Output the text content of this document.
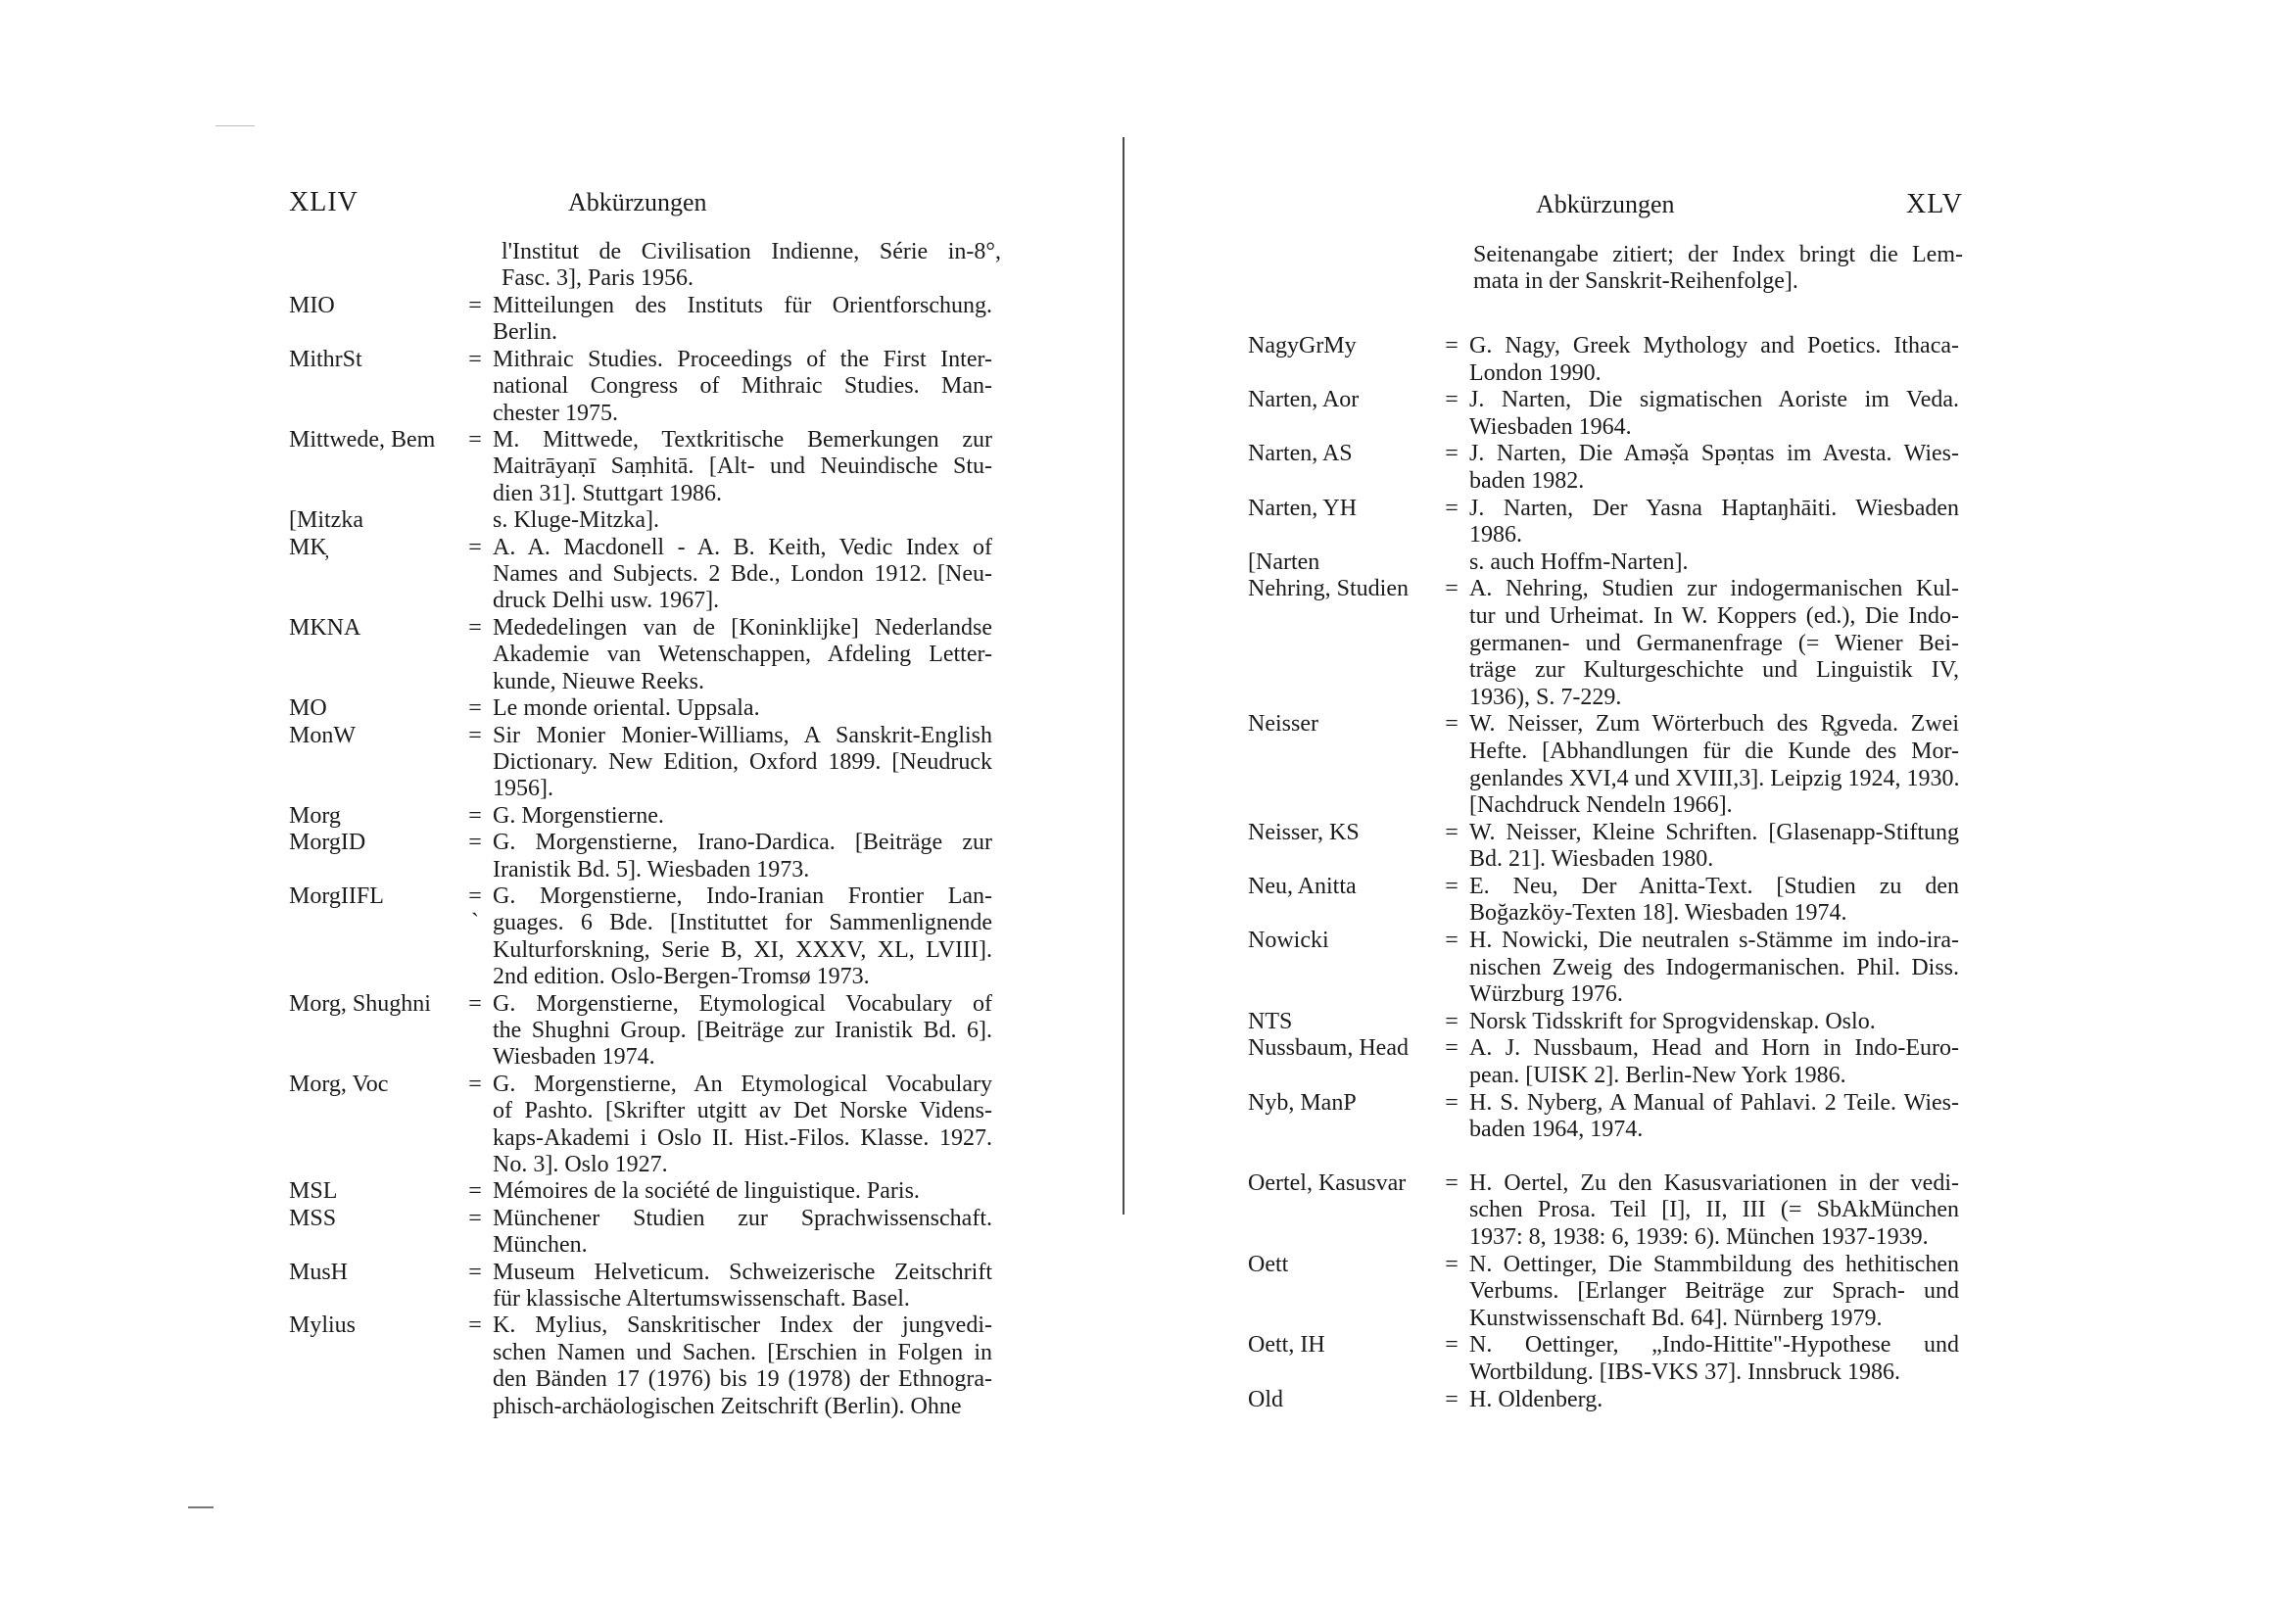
XLIV	Abkürzungen
l'Institut de Civilisation Indienne, Série in-8°,
Fasc. 3], Paris 1956.
MIO	= Mitteilungen des Instituts für Orientforschung.
Berlin.
MithrSt	= Mithraic Studies. Proceedings of the First Inter-
national Congress of Mithraic Studies. Man-
chester 1975.
Mittwede, Bem	= M. Mittwede, Textkritische Bemerkungen zur
Maitrāyaṇī Saṃhitā. [Alt- und Neuindische Stu-
dien 31]. Stuttgart 1986.
[Mitzka	s. Kluge-Mitzka].
MK̦	= A. A. Macdonell - A. B. Keith, Vedic Index of
Names and Subjects. 2 Bde., London 1912. [Neu-
druck Delhi usw. 1967].
MKNA	= Mededelingen van de [Koninklijke] Nederlandse
Akademie van Wetenschappen, Afdeling Letter-
kunde, Nieuwe Reeks.
MO	= Le monde oriental. Uppsala.
MonW	= Sir Monier Monier-Williams, A Sanskrit-English
Dictionary. New Edition, Oxford 1899. [Neudruck
1956].
Morg	= G. Morgenstierne.
MorgID	= G. Morgenstierne, Irano-Dardica. [Beiträge zur
Iranistik Bd. 5]. Wiesbaden 1973.
MorgIIFL	= `
G. Morgenstierne, Indo-Iranian Frontier Lan-
guages. 6 Bde. [Instituttet for Sammenlignende
Kulturforskning, Serie B, XI, XXXV, XL, LVIII].
2nd edition. Oslo-Bergen-Tromsø 1973.
Morg, Shughni	= G. Morgenstierne, Etymological Vocabulary of
the Shughni Group. [Beiträge zur Iranistik Bd. 6].
Wiesbaden 1974.
Morg, Voc	= G. Morgenstierne, An Etymological Vocabulary
of Pashto. [Skrifter utgitt av Det Norske Videns-
kaps-Akademi i Oslo II. Hist.-Filos. Klasse. 1927.
No. 3]. Oslo 1927.
MSL	= Mémoires de la société de linguistique. Paris.
MSS	= Münchener Studien zur Sprachwissenschaft.
München.
MusH	= Museum Helveticum. Schweizerische Zeitschrift
für klassische Altertumswissenschaft. Basel.
Mylius	= K. Mylius, Sanskritischer Index der jungvedi-
schen Namen und Sachen. [Erschien in Folgen in
den Bänden 17 (1976) bis 19 (1978) der Ethnogra-
phisch-archäologischen Zeitschrift (Berlin). Ohne
Abkürzungen	XLV
Seitenangabe zitiert; der Index bringt die Lem-
mata in der Sanskrit-Reihenfolge].
NagyGrMy	= G. Nagy, Greek Mythology and Poetics. Ithaca-
London 1990.
Narten, Aor	= J. Narten, Die sigmatischen Aoriste im Veda.
Wiesbaden 1964.
Narten, AS	= J. Narten, Die Aməṣ̌a Spəṇtas im Avesta. Wies-
baden 1982.
Narten, YH	= J. Narten, Der Yasna Haptaŋhāiti. Wiesbaden
1986.
[Narten	s. auch Hoffm-Narten].
Nehring, Studien	= A. Nehring, Studien zur indogermanischen Kul-
tur und Urheimat. In W. Koppers (ed.), Die Indo-
germanen- und Germanenfrage (= Wiener Bei-
träge zur Kulturgeschichte und Linguistik IV,
1936), S. 7-229.
Neisser	= W. Neisser, Zum Wörterbuch des R̥gveda. Zwei
Hefte. [Abhandlungen für die Kunde des Mor-
genlandes XVI,4 und XVIII,3]. Leipzig 1924, 1930.
[Nachdruck Nendeln 1966].
Neisser, KS	= W. Neisser, Kleine Schriften. [Glasenapp-Stiftung
Bd. 21]. Wiesbaden 1980.
Neu, Anitta	= E. Neu, Der Anitta-Text. [Studien zu den
Boğazköy-Texten 18]. Wiesbaden 1974.
Nowicki	= H. Nowicki, Die neutralen s-Stämme im indo-ira-
nischen Zweig des Indogermanischen. Phil. Diss.
Würzburg 1976.
NTS	= Norsk Tidsskrift for Sprogvidenskap. Oslo.
Nussbaum, Head	= A. J. Nussbaum, Head and Horn in Indo-Euro-
pean. [UISK 2]. Berlin-New York 1986.
Nyb, ManP	= H. S. Nyberg, A Manual of Pahlavi. 2 Teile. Wies-
baden 1964, 1974.
Oertel, Kasusvar	= H. Oertel, Zu den Kasusvariationen in der vedi-
schen Prosa. Teil [I], II, III (= SbAkMünchen
1937: 8, 1938: 6, 1939: 6). München 1937-1939.
Oett	= N. Oettinger, Die Stammbildung des hethitischen
Verbums. [Erlanger Beiträge zur Sprach- und
Kunstwissenschaft Bd. 64]. Nürnberg 1979.
Oett, IH	= N. Oettinger, „Indo-Hittite"-Hypothese und
Wortbildung. [IBS-VKS 37]. Innsbruck 1986.
Old	= H. Oldenberg.
